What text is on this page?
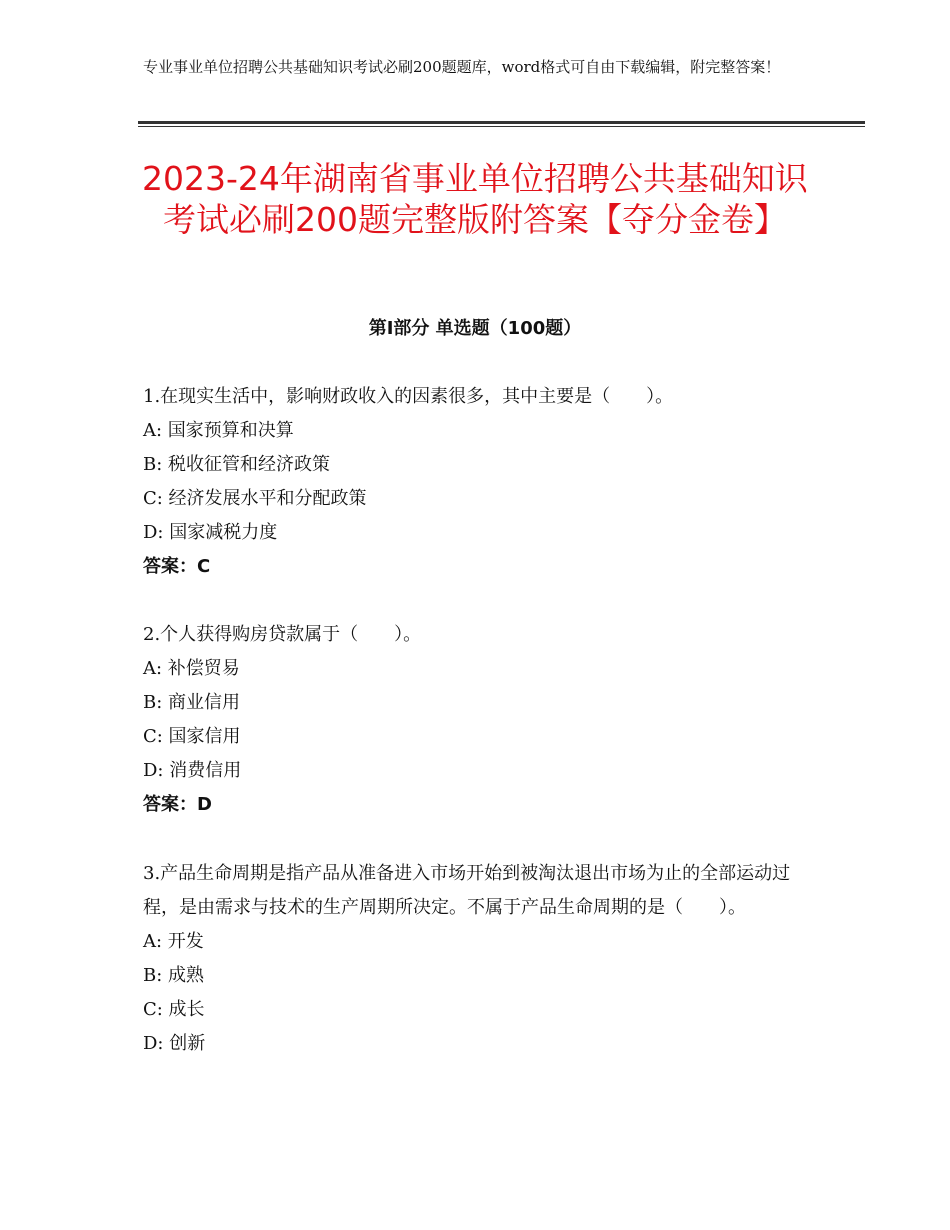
专业事业单位招聘公共基础知识考试必刷200题题库，word格式可自由下载编辑，附完整答案！
2023-24年湖南省事业单位招聘公共基础知识考试必刷200题完整版附答案【夺分金卷】
第Ⅰ部分 单选题（100题）
1.在现实生活中，影响财政收入的因素很多，其中主要是（　　）。
A: 国家预算和决算
B: 税收征管和经济政策
C: 经济发展水平和分配政策
D: 国家减税力度
答案：C
2.个人获得购房贷款属于（　　）。
A: 补偿贸易
B: 商业信用
C: 国家信用
D: 消费信用
答案：D
3.产品生命周期是指产品从准备进入市场开始到被淘汰退出市场为止的全部运动过程，是由需求与技术的生产周期所决定。不属于产品生命周期的是（　　）。
A: 开发
B: 成熟
C: 成长
D: 创新
